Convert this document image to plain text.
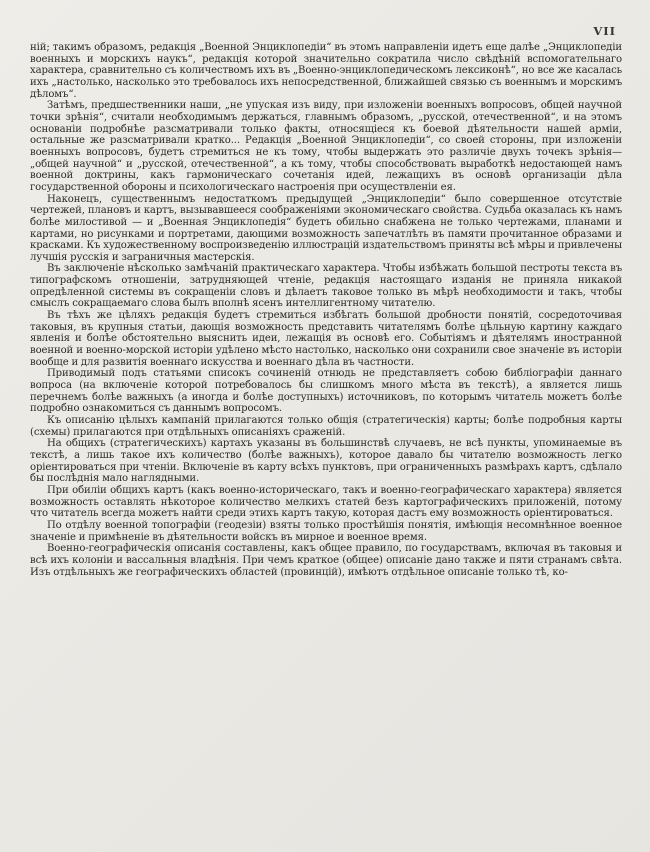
VII

ній; такимъ образомъ, редакція „Военной Энциклопедіи“ въ этомъ направленіи идетъ еще далѣе „Энциклопедіи военныхъ и морскихъ наукъ“, редакція которой значительно сократила число свѣдѣній вспомогательнаго характера, сравнительно съ количествомъ ихъ въ „Военно-энциклопедическомъ лексиконѣ“, но все же касалась ихъ „настолько, насколько это требовалось ихъ непосредственной, ближайшей связью съ военнымъ и морскимъ дѣломъ“.

Затѣмъ, предшественники наши, „не упуская изъ виду, при изложеніи военныхъ вопросовъ, общей научной точки зрѣнія“, считали необходимымъ держаться, главнымъ образомъ, „русской, отечественной“, и на этомъ основаніи подробнѣе разсматривали только факты, относящіеся къ боевой дѣятельности нашей арміи, остальные же разсматривали кратко... Редакція „Военной Энциклопедіи“, со своей стороны, при изложеніи военныхъ вопросовъ, будетъ стремиться не къ тому, чтобы выдержать это различіе двухъ точекъ зрѣнія—„общей научной“ и „русской, отечественной“, а къ тому, чтобы способствовать выработкѣ недостающей намъ военной доктрины, какъ гармоническаго сочетанія идей, лежащихъ въ основѣ организаціи дѣла государственной обороны и психологическаго настроенія при осуществленіи ея.

Наконецъ, существеннымъ недостаткомъ предыдущей „Энциклопедіи“ было совершенное отсутствіе чертежей, плановъ и картъ, вызывавшееся соображеніями экономическаго свойства. Судьба оказалась къ намъ болѣе милостивой — и „Военная Энциклопедія“ будетъ обильно снабжена не только чертежами, планами и картами, но рисунками и портретами, дающими возможность запечатлѣть въ памяти прочитанное образами и красками. Къ художественному воспроизведенію иллюстрацій издательствомъ приняты всѣ мѣры и привлечены лучшія русскія и заграничныя мастерскія.

Въ заключеніе нѣсколько замѣчаній практическаго характера. Чтобы избѣжать большой пестроты текста въ типографскомъ отношеніи, затрудняющей чтеніе, редакція настоящаго изданія не приняла никакой опредѣленной системы въ сокращеніи словъ и дѣлаетъ таковое только въ мѣрѣ необходимости и такъ, чтобы смыслъ сокращаемаго слова былъ вполнѣ ясенъ интеллигентному читателю.

Въ тѣхъ же цѣляхъ редакція будетъ стремиться избѣгать большой дробности понятій, сосредоточивая таковыя, въ крупныя статьи, дающія возможность представить читателямъ болѣе цѣльную картину каждаго явленія и болѣе обстоятельно выяснить идеи, лежащія въ основѣ его. Событіямъ и дѣятелямъ иностранной военной и военно-морской исторіи удѣлено мѣсто настолько, насколько они сохранили свое значеніе въ исторіи вообще и для развитія военнаго искусства и военнаго дѣла въ частности.

Приводимый подъ статьями списокъ сочиненій отнюдь не представляетъ собою библіографіи даннаго вопроса (на включеніе которой потребовалось бы слишкомъ много мѣста въ текстѣ), а является лишь перечнемъ болѣе важныхъ (а иногда и болѣе доступныхъ) источниковъ, по которымъ читатель можетъ болѣе подробно ознакомиться съ даннымъ вопросомъ.

Къ описанію цѣлыхъ кампаній прилагаются только общія (стратегическія) карты; болѣе подробныя карты (схемы) прилагаются при отдѣльныхъ описаніяхъ сраженій.

На общихъ (стратегическихъ) картахъ указаны въ большинствѣ случаевъ, не всѣ пункты, упоминаемые въ текстѣ, а лишь такое ихъ количество (болѣе важныхъ), которое давало бы читателю возможность легко оріентироваться при чтеніи. Включеніе въ карту всѣхъ пунктовъ, при ограниченныхъ размѣрахъ картъ, сдѣлало бы послѣднія мало наглядными.

При обиліи общихъ картъ (какъ военно-историческаго, такъ и военно-географическаго характера) является возможность оставлять нѣкоторое количество мелкихъ статей безъ картографическихъ приложеній, потому что читатель всегда можетъ найти среди этихъ картъ такую, которая дастъ ему возможность оріентироваться.

По отдѣлу военной топографіи (геодезіи) взяты только простѣйшія понятія, имѣющія несомнѣнное военное значеніе и примѣненіе въ дѣятельности войскъ въ мирное и военное время.

Военно-географическія описанія составлены, какъ общее правило, по государствамъ, включая въ таковыя и всѣ ихъ колоніи и вассальныя владѣнія. При чемъ краткое (общее) описаніе дано также и пяти странамъ свѣта. Изъ отдѣльныхъ же географическихъ областей (провинцій), имѣютъ отдѣльное описаніе только тѣ, ко-
